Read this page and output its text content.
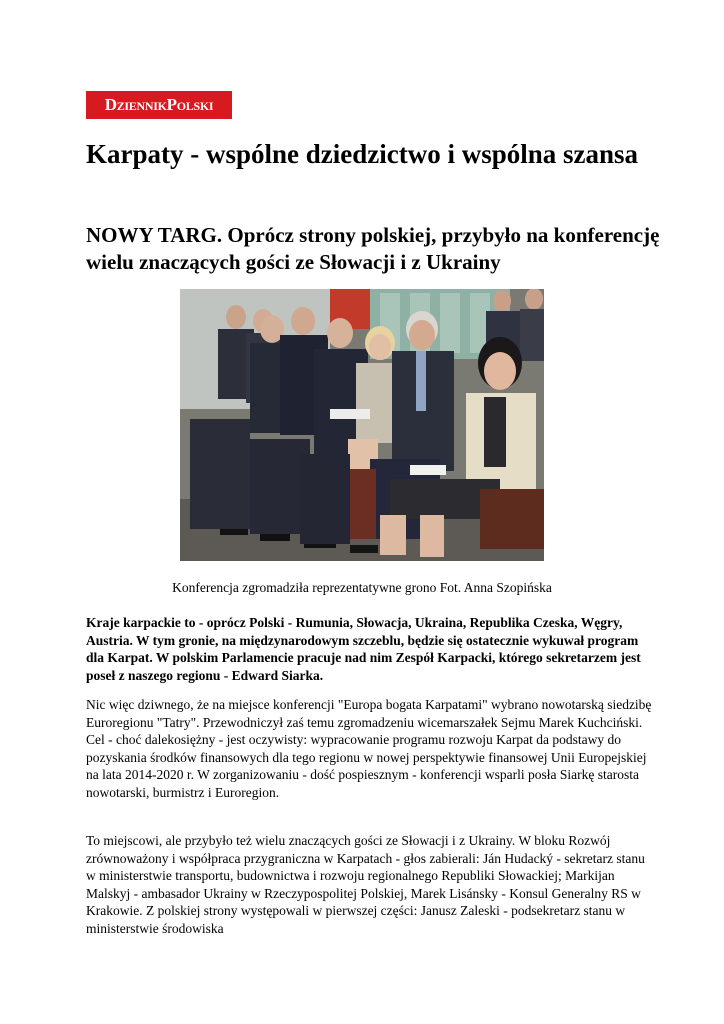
DziennikPolski
Karpaty - wspólne dziedzictwo i wspólna szansa
NOWY TARG. Oprócz strony polskiej, przybyło na konferencję wielu znaczących gości ze Słowacji i z Ukrainy
Konferencja zgromadziła reprezentatywne grono Fot. Anna Szopińska

Kraje karpackie to - oprócz Polski - Rumunia, Słowacja, Ukraina, Republika Czeska, Węgry, Austria. W tym gronie, na międzynarodowym szczeblu, będzie się ostatecznie wykuwał program dla Karpat. W polskim Parlamencie pracuje nad nim Zespół Karpacki, którego sekretarzem jest poseł z naszego regionu - Edward Siarka.

Nic więc dziwnego, że na miejsce konferencji "Europa bogata Karpatami" wybrano nowotarską siedzibę Euroregionu "Tatry". Przewodniczył zaś temu zgromadzeniu wicemarszałek Sejmu Marek Kuchciński. Cel - choć dalekosiężny - jest oczywisty: wypracowanie programu rozwoju Karpat da podstawy do pozyskania środków finansowych dla tego regionu w nowej perspektywie finansowej Unii Europejskiej na lata 2014-2020 r. W zorganizowaniu - dość pospiesznym - konferencji wsparli posła Siarkę starosta nowotarski, burmistrz i Euroregion.

To miejscowi, ale przybyło też wielu znaczących gości ze Słowacji i z Ukrainy. W bloku Rozwój zrównoważony i współpraca przygraniczna w Karpatach - głos zabierali: Ján Hudacký - sekretarz stanu w ministerstwie transportu, budownictwa i rozwoju regionalnego Republiki Słowackiej; Markijan Malskyj - ambasador Ukrainy w Rzeczypospolitej Polskiej, Marek Lisánsky - Konsul Generalny RS w Krakowie. Z polskiej strony występowali w pierwszej części: Janusz Zaleski - podsekretarz stanu w ministerstwie środowiska
